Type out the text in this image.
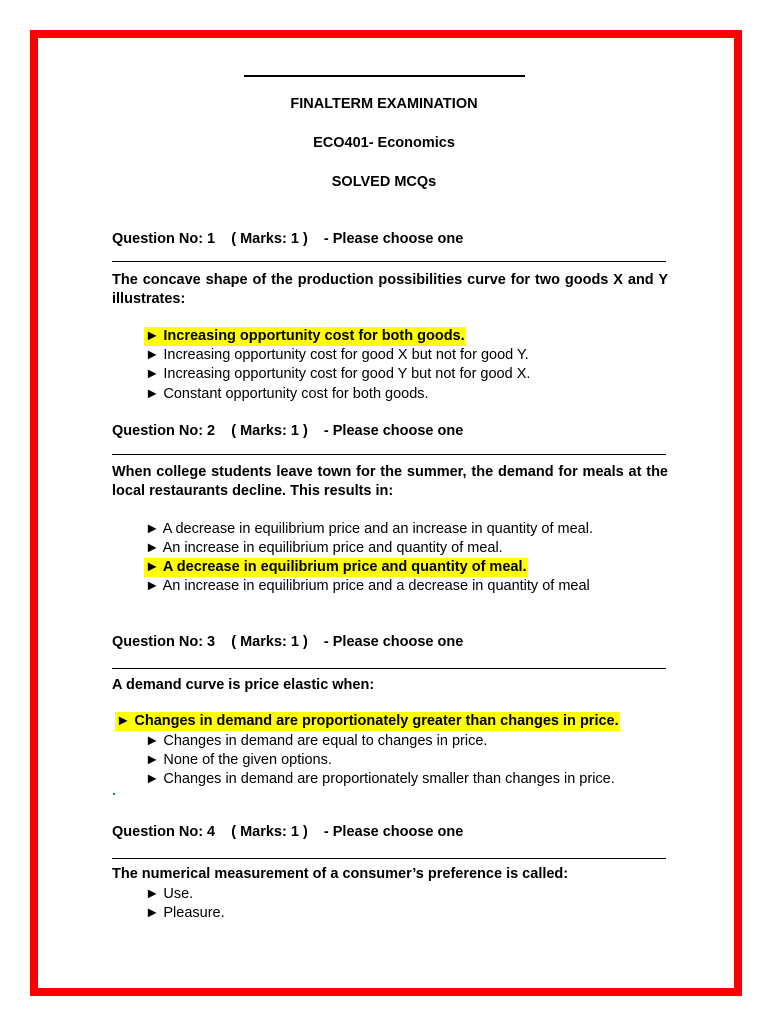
FINALTERM EXAMINATION
ECO401- Economics
SOLVED MCQs
Question No: 1    ( Marks: 1 )    - Please choose one
The concave shape of the production possibilities curve for two goods X and Y illustrates:
► Increasing opportunity cost for both goods.
► Increasing opportunity cost for good X but not for good Y.
► Increasing opportunity cost for good Y but not for good X.
► Constant opportunity cost for both goods.
Question No: 2    ( Marks: 1 )    - Please choose one
When college students leave town for the summer, the demand for meals at the local restaurants decline. This results in:
► A decrease in equilibrium price and an increase in quantity of meal.
► An increase in equilibrium price and quantity of meal.
► A decrease in equilibrium price and quantity of meal.
► An increase in equilibrium price and a decrease in quantity of meal
Question No: 3    ( Marks: 1 )    - Please choose one
A demand curve is price elastic when:
► Changes in demand are proportionately greater than changes in price.
► Changes in demand are equal to changes in price.
► None of the given options.
► Changes in demand are proportionately smaller than changes in price.
Question No: 4    ( Marks: 1 )    - Please choose one
The numerical measurement of a consumer’s preference is called:
► Use.
► Pleasure.
